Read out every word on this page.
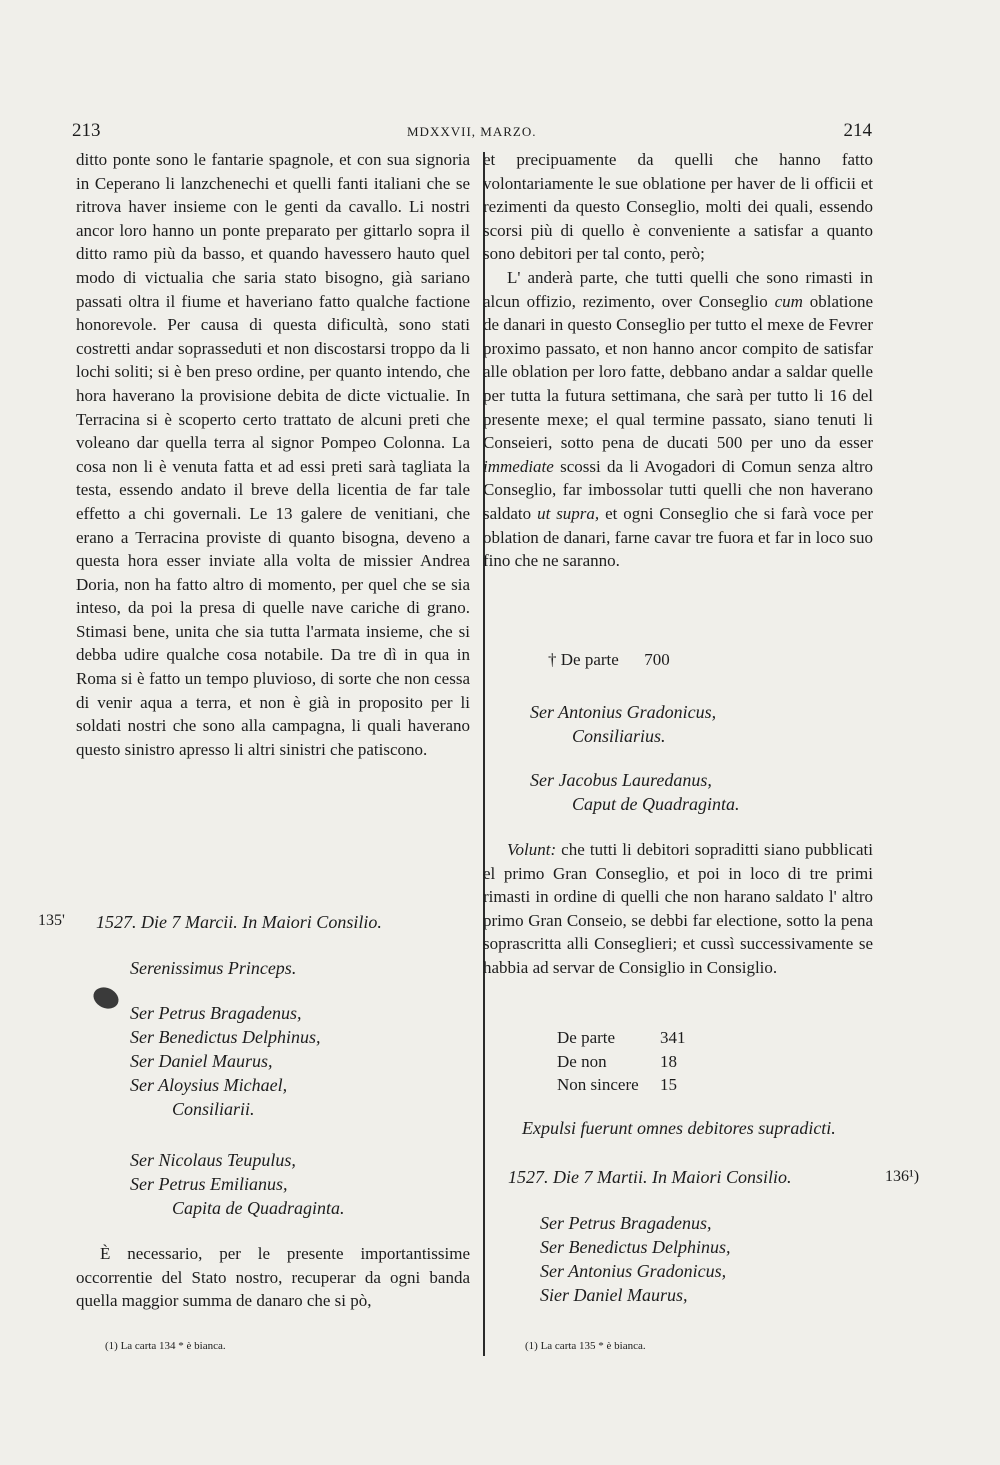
213	MDXXVII, MARZO.	214

ditto ponte sono le fantarie spagnole, et con sua signoria in Ceperano li lanzchenechi et quelli fanti italiani che se ritrova haver insieme con le genti da cavallo. Li nostri ancor loro hanno un ponte preparato per gittarlo sopra il ditto ramo più da basso, et quando havessero hauto quel modo di victualia che saria stato bisogno, già sariano passati oltra il fiume et haveriano fatto qualche factione honorevole. Per causa di questa dificultà, sono stati costretti andar soprasseduti et non discostarsi troppo da li lochi soliti; si è ben preso ordine, per quanto intendo, che hora haverano la provisione debita de dicte victualie. In Terracina si è scoperto certo trattato de alcuni preti che voleano dar quella terra al signor Pompeo Colonna. La cosa non li è venuta fatta et ad essi preti sarà tagliata la testa, essendo andato il breve della licentia de far tale effetto a chi governali. Le 13 galere de venitiani, che erano a Terracina proviste di quanto bisogna, deveno a questa hora esser inviate alla volta de missier Andrea Doria, non ha fatto altro di momento, per quel che se sia inteso, da poi la presa di quelle nave cariche di grano. Stimasi bene, unita che sia tutta l'armata insieme, che si debba udire qualche cosa notabile. Da tre dì in qua in Roma si è fatto un tempo pluvioso, di sorte che non cessa di venir aqua a terra, et non è già in proposito per li soldati nostri che sono alla campagna, li quali haverano questo sinistro apresso li altri sinistri che patiscono.

135' 1527. Die 7 Marcii. In Maiori Consilio.
Serenissimus Princeps.
Ser Petrus Bragadenus,
Ser Benedictus Delphinus,
Ser Daniel Maurus,
Ser Aloysius Michael,
Consiliarii.
Ser Nicolaus Teupulus,
Ser Petrus Emilianus,
Capita de Quadraginta.

È necessario, per le presente importantissime occorrentie del Stato nostro, recuperar da ogni banda quella maggior summa de danaro che si pò,

(1) La carta 134 * è bianca.

et precipuamente da quelli che hanno fatto volontariamente le sue oblatione per haver de li officii et rezimenti da questo Conseglio, molti dei quali, essendo scorsi più di quello è conveniente a satisfar a quanto sono debitori per tal conto, però;

L' anderà parte, che tutti quelli che sono rimasti in alcun offizio, rezimento, over Conseglio cum oblatione de danari in questo Conseglio per tutto el mexe de Fevrer proximo passato, et non hanno ancor compito de satisfar alle oblation per loro fatte, debbano andar a saldar quelle per tutta la futura settimana, che sarà per tutto li 16 del presente mexe; el qual termine passato, siano tenuti li Conseieri, sotto pena de ducati 500 per uno da esser immediate scossi da li Avogadori di Comun senza altro Conseglio, far imbossolar tutti quelli che non haverano saldato ut supra, et ogni Conseglio che si farà voce per oblation de danari, farne cavar tre fuora et far in loco suo fino che ne saranno.

† De parte      700
Ser Antonius Gradonicus,
Consiliarius.
Ser Jacobus Lauredanus,
Caput de Quadraginta.

Volunt: che tutti li debitori sopraditti siano pubblicati el primo Gran Conseglio, et poi in loco di tre primi rimasti in ordine di quelli che non harano saldato l' altro primo Gran Conseio, se debbi far electione, sotto la pena soprascritta alli Conseglieri; et cussì successivamente se habbia ad servar de Consiglio in Consiglio.

De parte	341
De non	18
Non sincere 15
Expulsi fuerunt omnes debitores supradicti.
1527. Die 7 Martii. In Maiori Consilio.	136¹)
Ser Petrus Bragadenus,
Ser Benedictus Delphinus,
Ser Antonius Gradonicus,
Sier Daniel Maurus,
(1) La carta 135 * è bianca.
